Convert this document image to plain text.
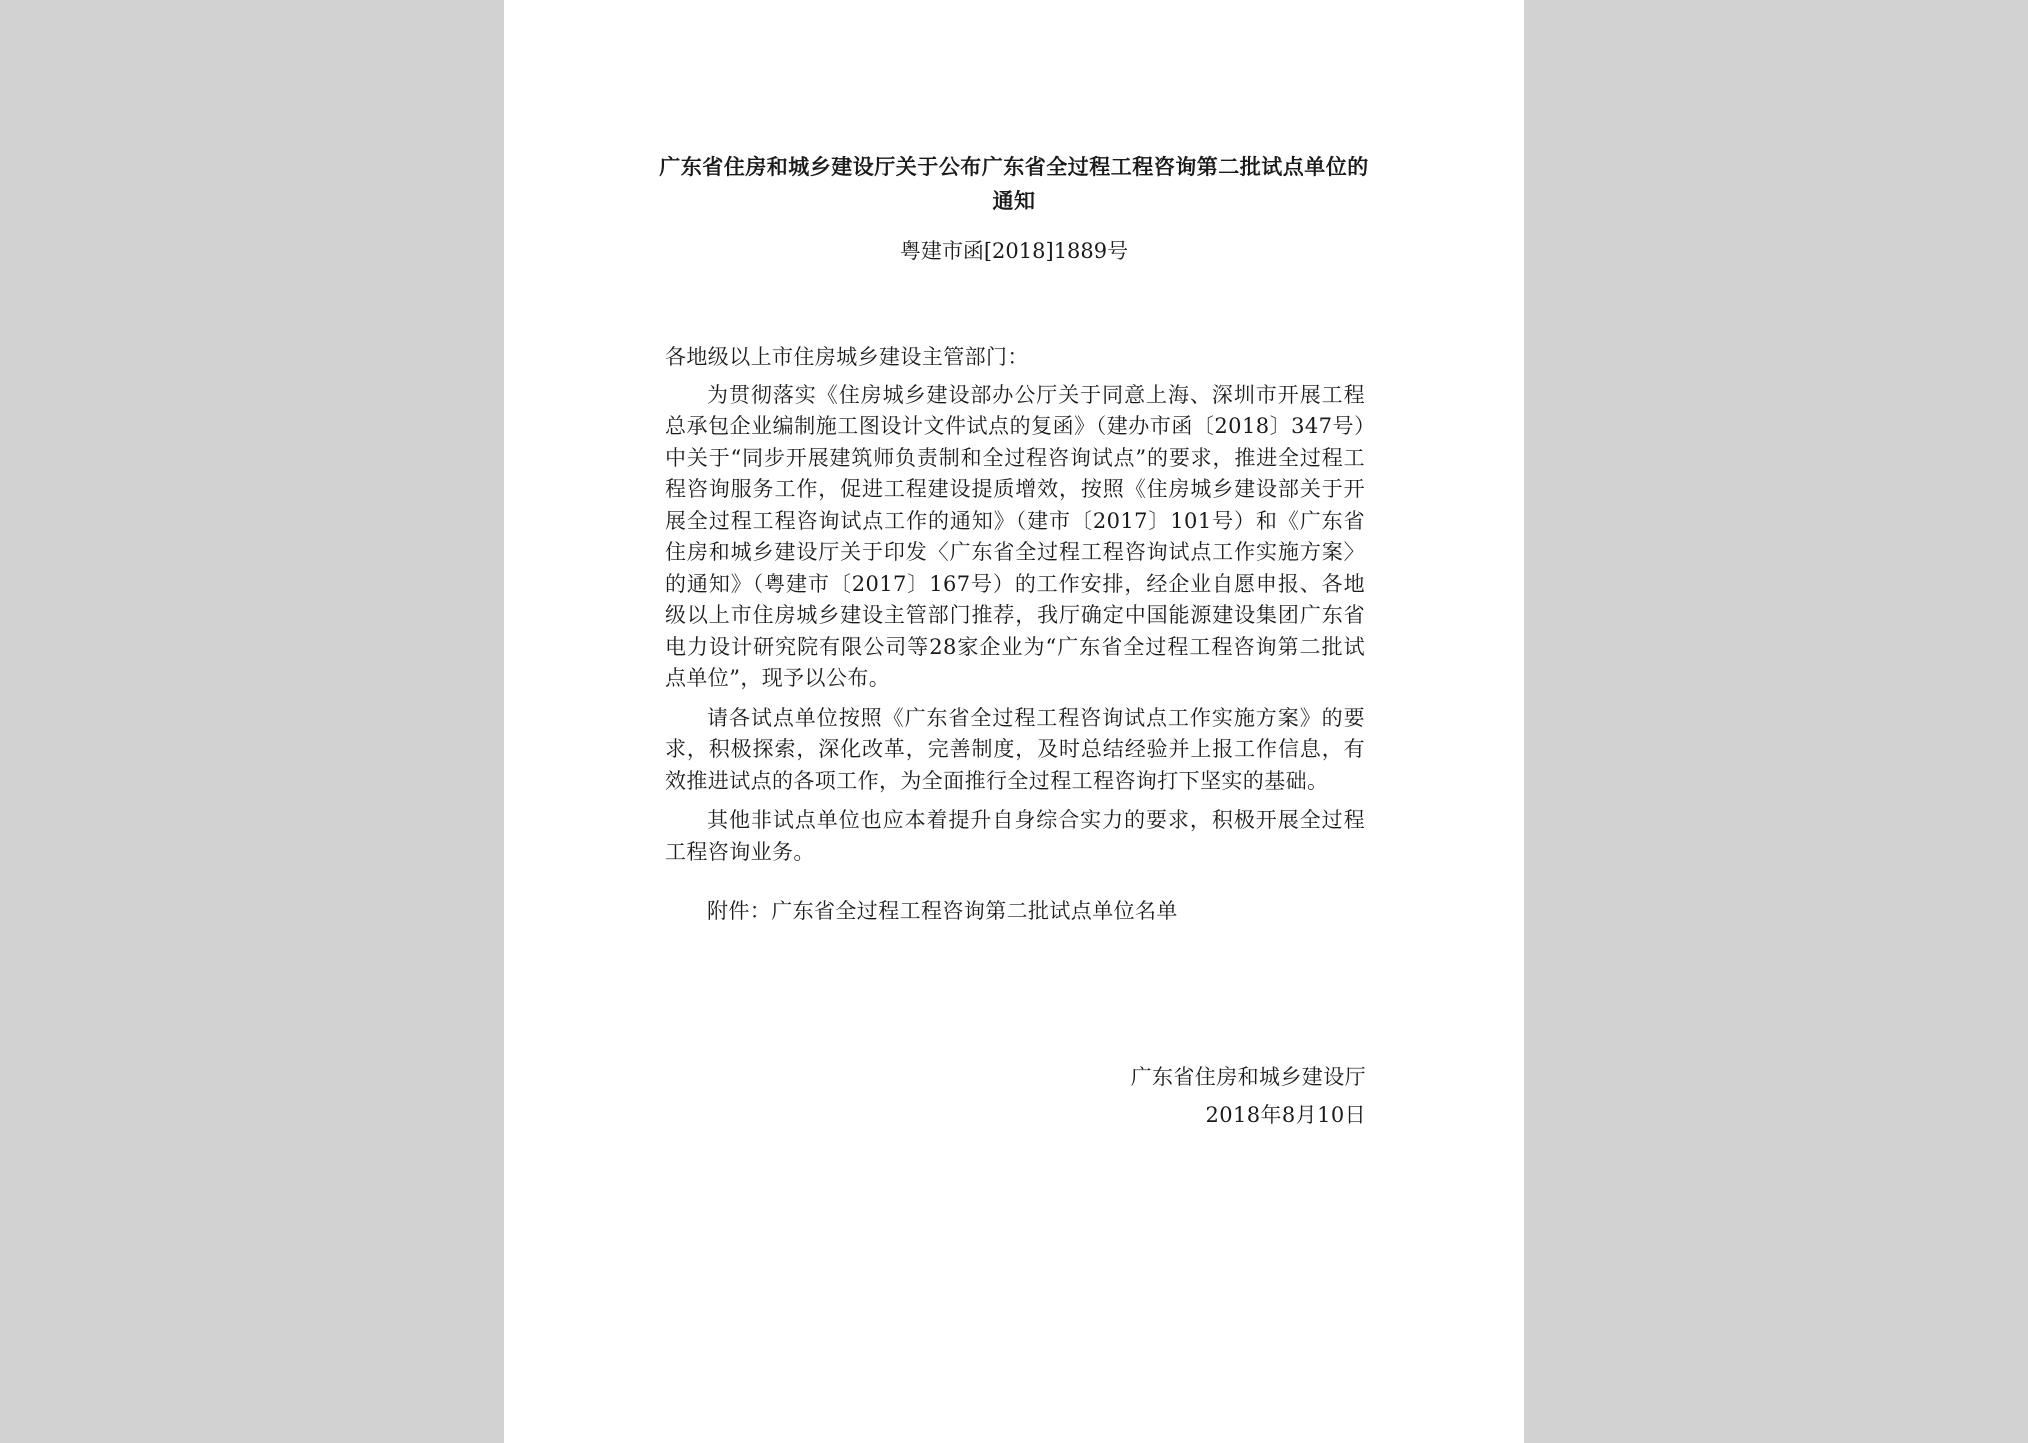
广东省住房和城乡建设厅关于公布广东省全过程工程咨询第二批试点单位的通知
粤建市函[2018]1889号

各地级以上市住房城乡建设主管部门：

为贯彻落实《住房城乡建设部办公厅关于同意上海、深圳市开展工程总承包企业编制施工图设计文件试点的复函》（建办市函〔2018〕347号）中关于“同步开展建筑师负责制和全过程咨询试点”的要求，推进全过程工程咨询服务工作，促进工程建设提质增效，按照《住房城乡建设部关于开展全过程工程咨询试点工作的通知》（建市〔2017〕101号）和《广东省住房和城乡建设厅关于印发〈广东省全过程工程咨询试点工作实施方案〉的通知》（粤建市〔2017〕167号）的工作安排，经企业自愿申报、各地级以上市住房城乡建设主管部门推荐，我厅确定中国能源建设集团广东省电力设计研究院有限公司等28家企业为“广东省全过程工程咨询第二批试点单位”，现予以公布。

请各试点单位按照《广东省全过程工程咨询试点工作实施方案》的要求，积极探索，深化改革，完善制度，及时总结经验并上报工作信息，有效推进试点的各项工作，为全面推行全过程工程咨询打下坚实的基础。

其他非试点单位也应本着提升自身综合实力的要求，积极开展全过程工程咨询业务。

附件：广东省全过程工程咨询第二批试点单位名单

广东省住房和城乡建设厅
2018年8月10日
